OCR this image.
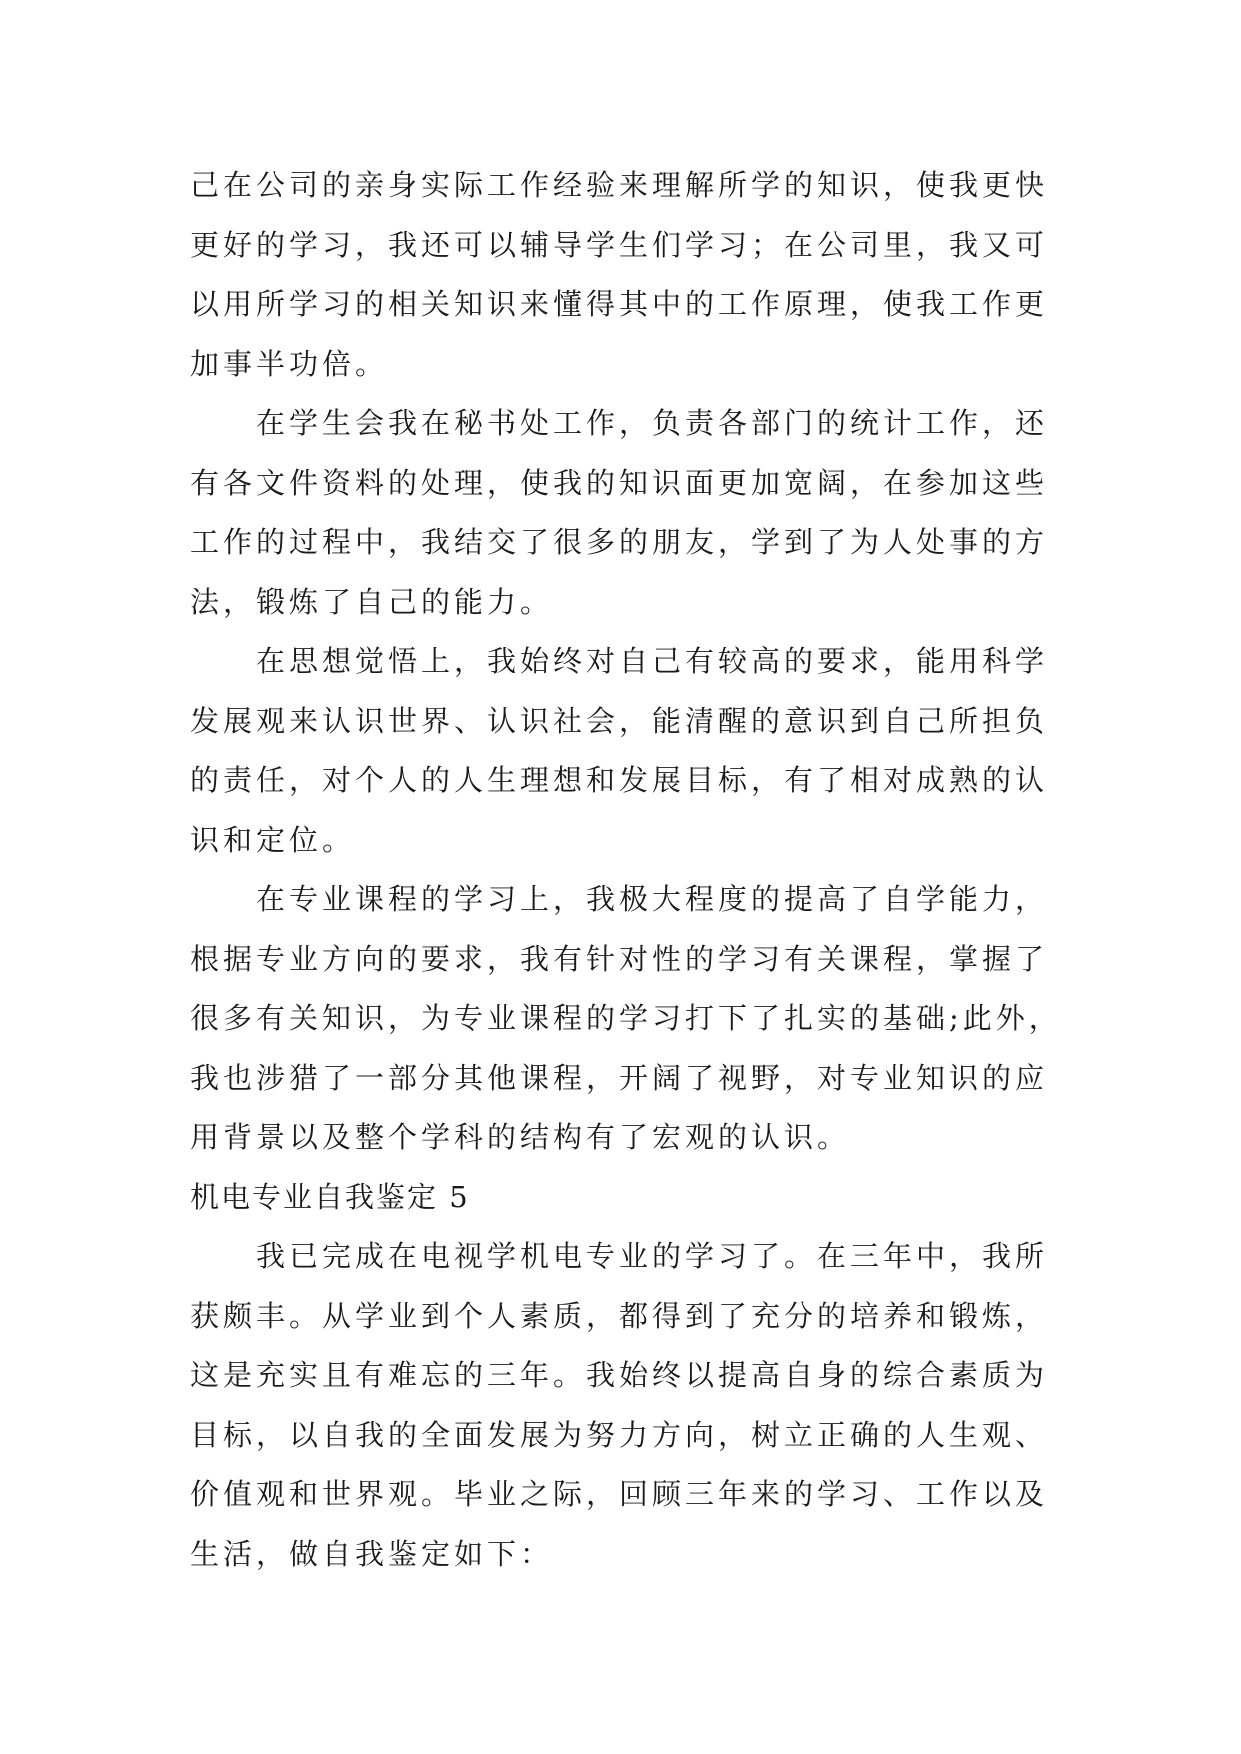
己在公司的亲身实际工作经验来理解所学的知识，使我更快
更好的学习，我还可以辅导学生们学习；在公司里，我又可
以用所学习的相关知识来懂得其中的工作原理，使我工作更
加事半功倍。
在学生会我在秘书处工作，负责各部门的统计工作，还
有各文件资料的处理，使我的知识面更加宽阔，在参加这些
工作的过程中，我结交了很多的朋友，学到了为人处事的方
法，锻炼了自己的能力。
在思想觉悟上，我始终对自己有较高的要求，能用科学
发展观来认识世界、认识社会，能清醒的意识到自己所担负
的责任，对个人的人生理想和发展目标，有了相对成熟的认
识和定位。
在专业课程的学习上，我极大程度的提高了自学能力，
根据专业方向的要求，我有针对性的学习有关课程，掌握了
很多有关知识，为专业课程的学习打下了扎实的基础;此外，
我也涉猎了一部分其他课程，开阔了视野，对专业知识的应
用背景以及整个学科的结构有了宏观的认识。
机电专业自我鉴定 5
我已完成在电视学机电专业的学习了。在三年中，我所
获颇丰。从学业到个人素质，都得到了充分的培养和锻炼，
这是充实且有难忘的三年。我始终以提高自身的综合素质为
目标，以自我的全面发展为努力方向，树立正确的人生观、
价值观和世界观。毕业之际，回顾三年来的学习、工作以及
生活，做自我鉴定如下：
